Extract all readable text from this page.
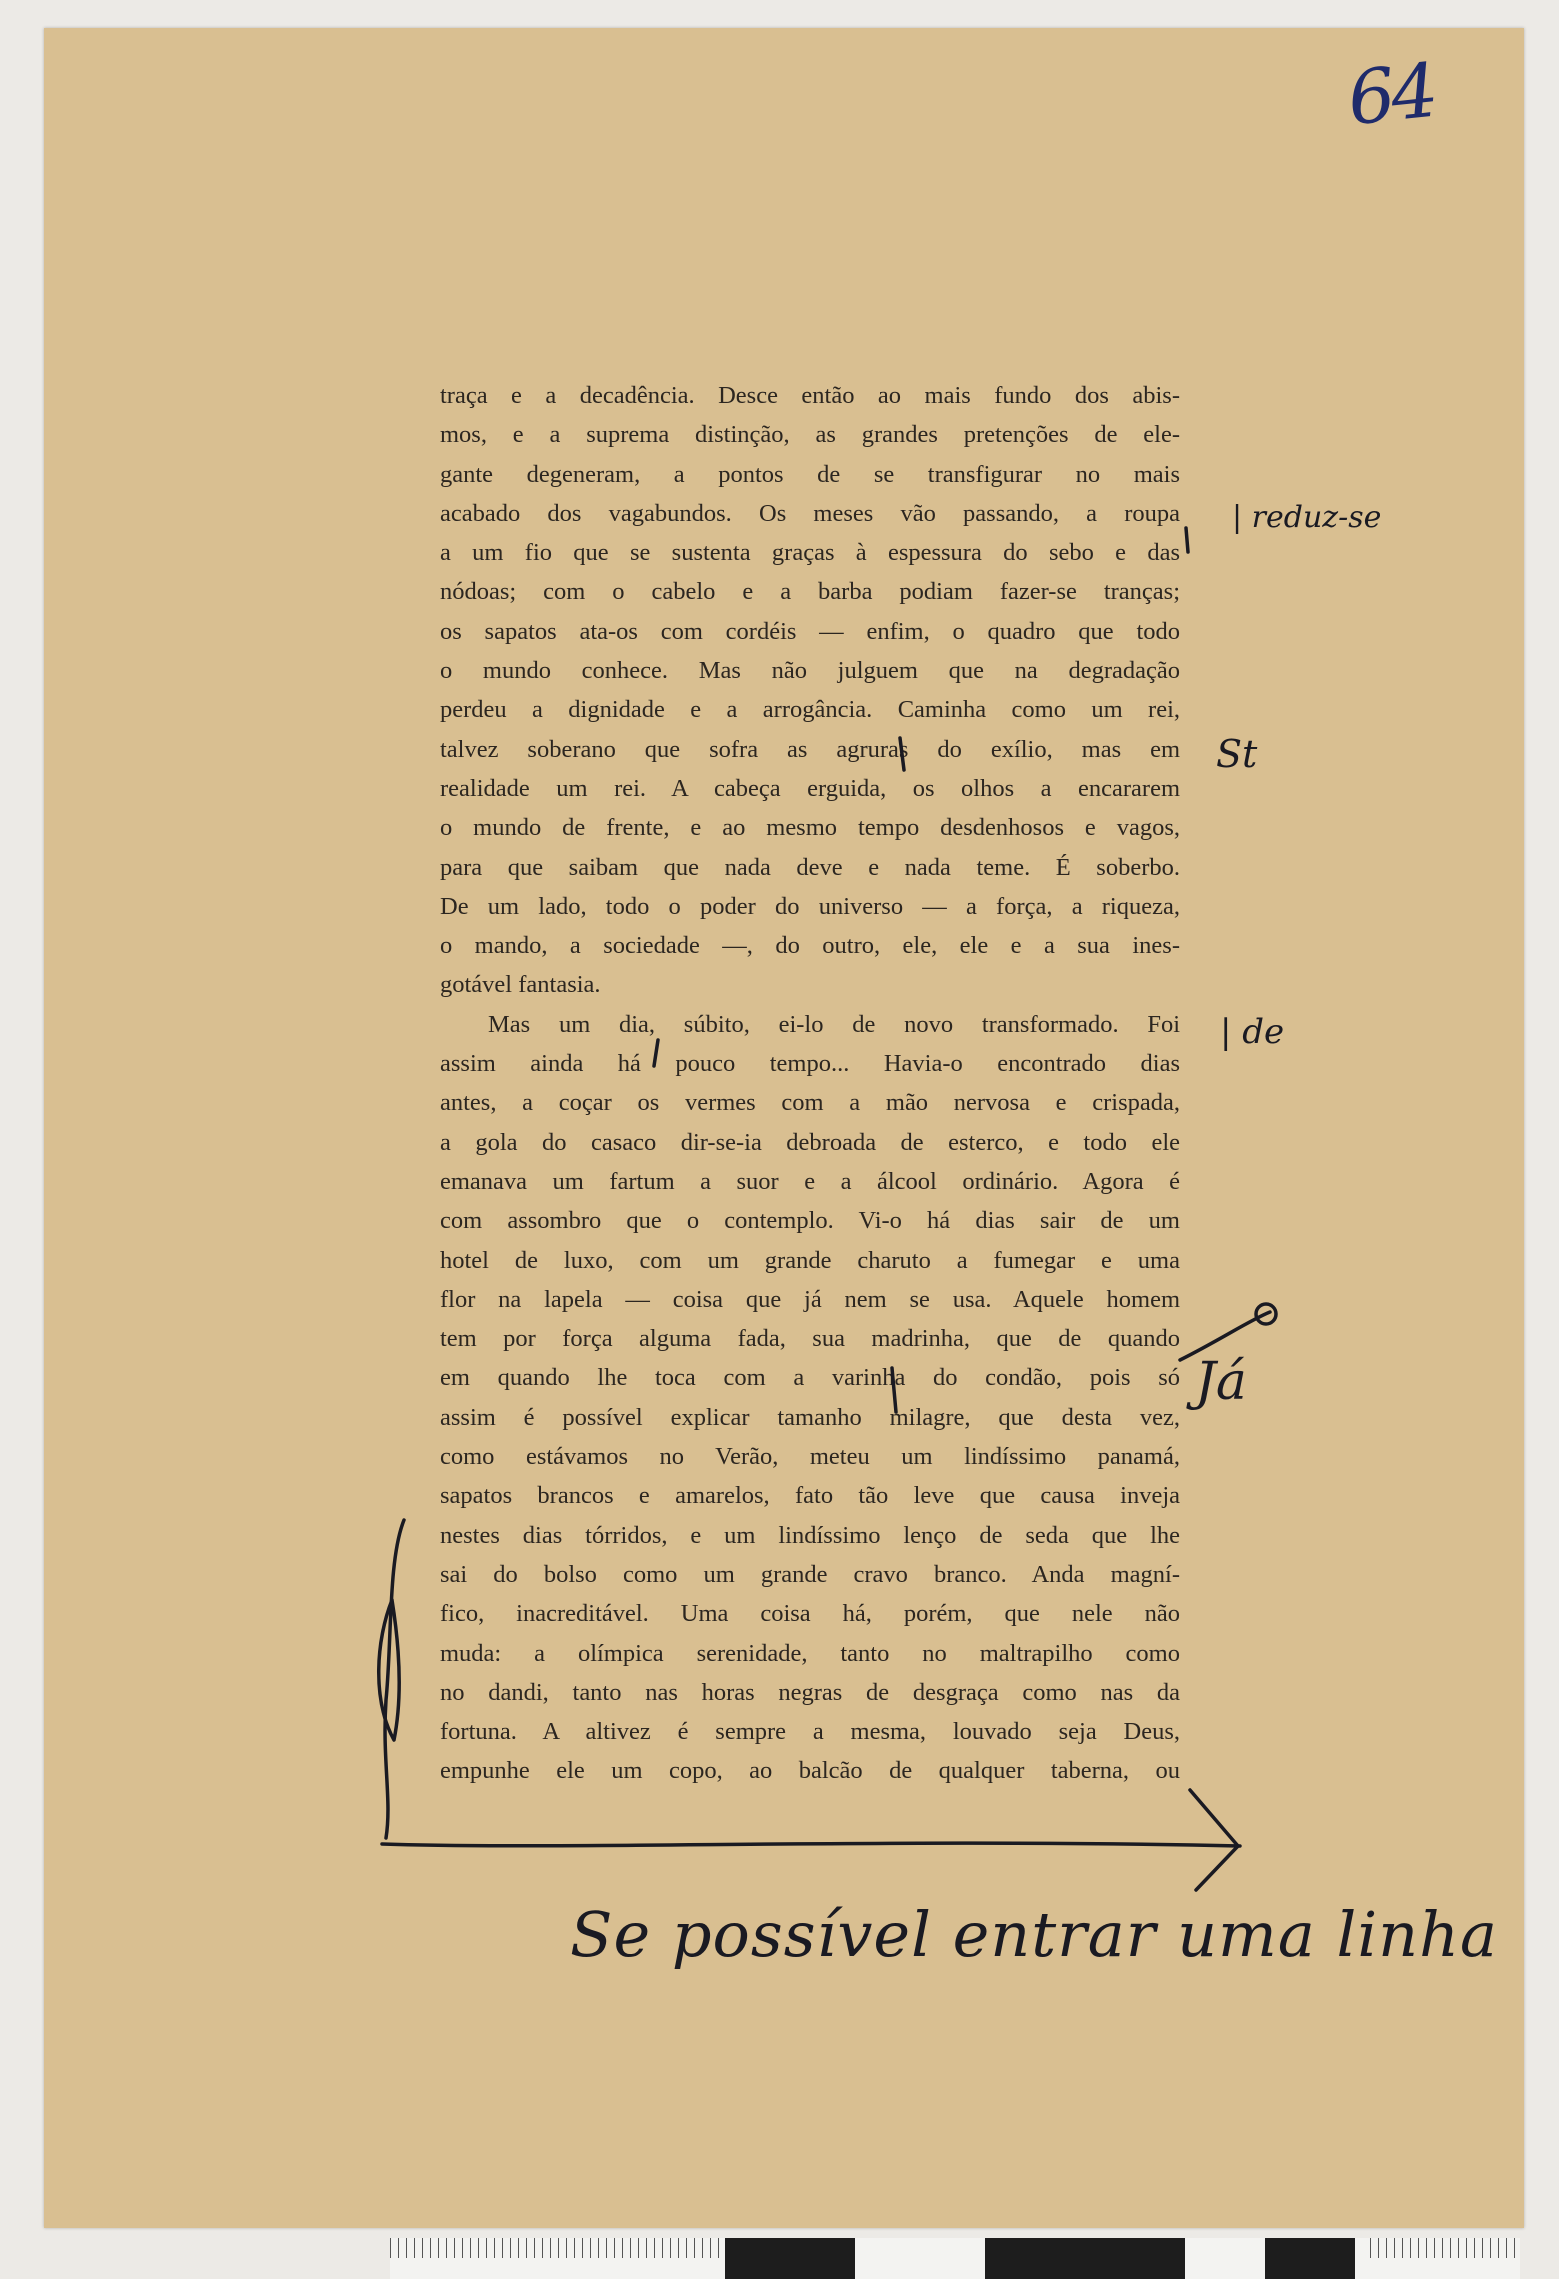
64
traça e a decadência. Desce então ao mais fundo dos abis-
mos, e a suprema distinção, as grandes pretenções de ele-
gante degeneram, a pontos de se transfigurar no mais
acabado dos vagabundos. Os meses vão passando, a roupa
a um fio que se sustenta graças à espessura do sebo e das
nódoas; com o cabelo e a barba podiam fazer-se tranças;
os sapatos ata-os com cordéis — enfim, o quadro que todo
o mundo conhece. Mas não julguem que na degradação
perdeu a dignidade e a arrogância. Caminha como um rei,
talvez soberano que sofra as agruras do exílio, mas em
realidade um rei. A cabeça erguida, os olhos a encararem
o mundo de frente, e ao mesmo tempo desdenhosos e vagos,
para que saibam que nada deve e nada teme. É soberbo.
De um lado, todo o poder do universo — a força, a riqueza,
o mando, a sociedade —, do outro, ele, ele e a sua ines-
gotável fantasia.
Mas um dia, súbito, ei-lo de novo transformado. Foi
assim ainda há pouco tempo... Havia-o encontrado dias
antes, a coçar os vermes com a mão nervosa e crispada,
a gola do casaco dir-se-ia debroada de esterco, e todo ele
emanava um fartum a suor e a álcool ordinário. Agora é
com assombro que o contemplo. Vi-o há dias sair de um
hotel de luxo, com um grande charuto a fumegar e uma
flor na lapela — coisa que já nem se usa. Aquele homem
tem por força alguma fada, sua madrinha, que de quando
em quando lhe toca com a varinha do condão, pois só
assim é possível explicar tamanho milagre, que desta vez,
como estávamos no Verão, meteu um lindíssimo panamá,
sapatos brancos e amarelos, fato tão leve que causa inveja
nestes dias tórridos, e um lindíssimo lenço de seda que lhe
sai do bolso como um grande cravo branco. Anda magní-
fico, inacreditável. Uma coisa há, porém, que nele não
muda: a olímpica serenidade, tanto no maltrapilho como
no dandi, tanto nas horas negras de desgraça como nas da
fortuna. A altivez é sempre a mesma, louvado seja Deus,
empunhe ele um copo, ao balcão de qualquer taberna, ou
| reduz-se
St
| de
Já
Se possível entrar uma linha
